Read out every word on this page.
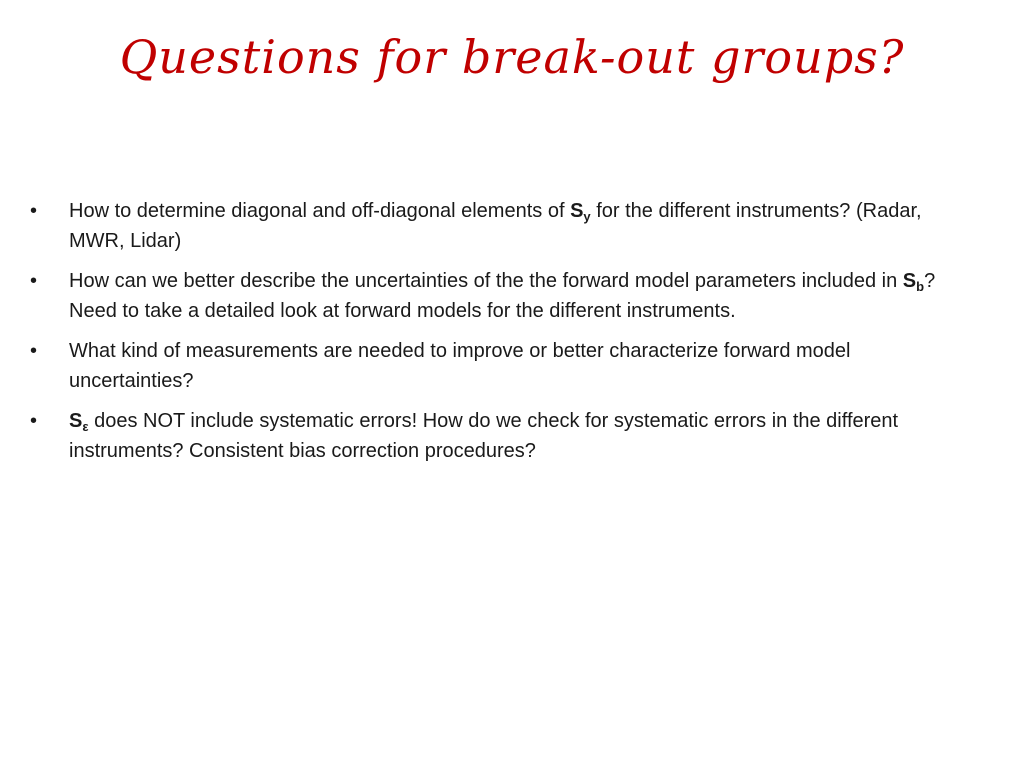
Questions for break-out groups?
•	How to determine diagonal and off-diagonal elements of $S_y$ for the different instruments? (Radar, MWR, Lidar)
•	How can we better describe the uncertainties of the the forward model parameters included in $S_b$? Need to take a detailed look at forward models for the different instruments.
•	What kind of measurements are needed to improve or better characterize forward model uncertainties?
•	$S_\varepsilon$ does NOT include systematic errors! How do we check for systematic errors in the different instruments? Consistent bias correction procedures?
